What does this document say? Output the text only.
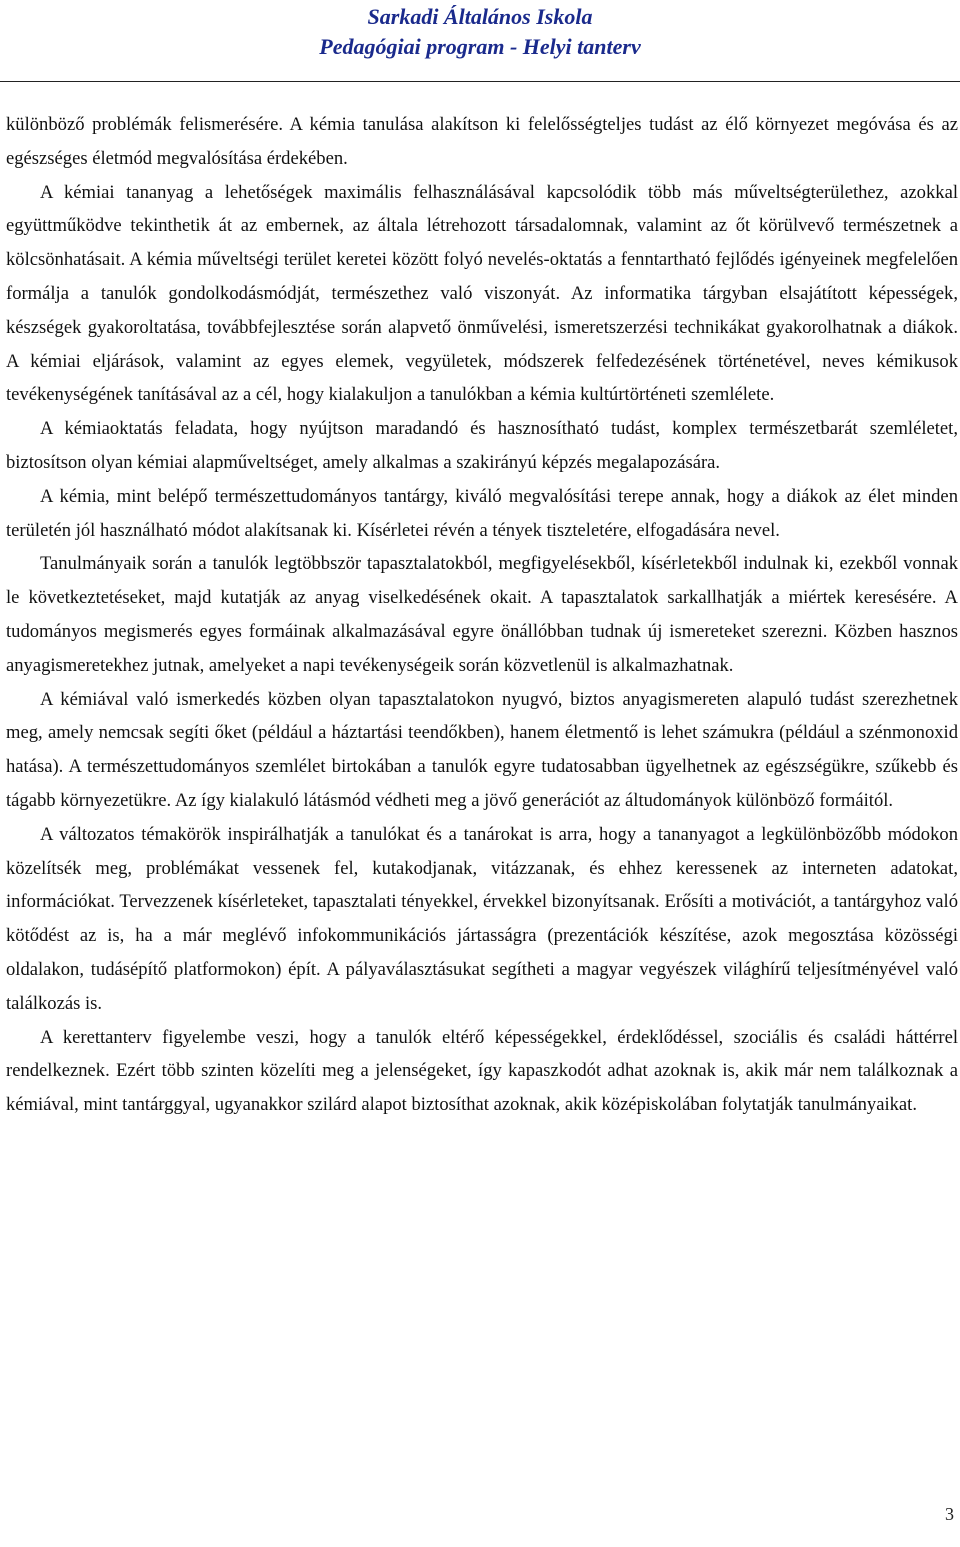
Sarkadi Általános Iskola
Pedagógiai program - Helyi tanterv

különböző problémák felismerésére. A kémia tanulása alakítson ki felelősségteljes tudást az élő környezet megóvása és az egészséges életmód megvalósítása érdekében.

A kémiai tananyag a lehetőségek maximális felhasználásával kapcsolódik több más műveltségterülethez, azokkal együttműködve tekinthetik át az embernek, az általa létrehozott társadalomnak, valamint az őt körülvevő természetnek a kölcsönhatásait. A kémia műveltségi terület keretei között folyó nevelés-oktatás a fenntartható fejlődés igényeinek megfelelően formálja a tanulók gondolkodásmódját, természethez való viszonyát. Az informatika tárgyban elsajátított képességek, készségek gyakoroltatása, továbbfejlesztése során alapvető önművelési, ismeretszerzési technikákat gyakorolhatnak a diákok. A kémiai eljárások, valamint az egyes elemek, vegyületek, módszerek felfedezésének történetével, neves kémikusok tevékenységének tanításával az a cél, hogy kialakuljon a tanulókban a kémia kultúrtörténeti szemlélete.

A kémiaoktatás feladata, hogy nyújtson maradandó és hasznosítható tudást, komplex természetbarát szemléletet, biztosítson olyan kémiai alapműveltséget, amely alkalmas a szakirányú képzés megalapozására.

A kémia, mint belépő természettudományos tantárgy, kiváló megvalósítási terepe annak, hogy a diákok az élet minden területén jól használható módot alakítsanak ki. Kísérletei révén a tények tiszteletére, elfogadására nevel.

Tanulmányaik során a tanulók legtöbbször tapasztalatokból, megfigyelésekből, kísérletekből indulnak ki, ezekből vonnak le következtetéseket, majd kutatják az anyag viselkedésének okait. A tapasztalatok sarkallhatják a miértek keresésére. A tudományos megismerés egyes formáinak alkalmazásával egyre önállóbban tudnak új ismereteket szerezni. Közben hasznos anyagismeretekhez jutnak, amelyeket a napi tevékenységeik során közvetlenül is alkalmazhatnak.

A kémiával való ismerkedés közben olyan tapasztalatokon nyugvó, biztos anyagismereten alapuló tudást szerezhetnek meg, amely nemcsak segíti őket (például a háztartási teendőkben), hanem életmentő is lehet számukra (például a szénmonoxid hatása). A természettudományos szemlélet birtokában a tanulók egyre tudatosabban ügyelhetnek az egészségükre, szűkebb és tágabb környezetükre. Az így kialakuló látásmód védheti meg a jövő generációt az áltudományok különböző formáitól.

A változatos témakörök inspirálhatják a tanulókat és a tanárokat is arra, hogy a tananyagot a legkülönbözőbb módokon közelítsék meg, problémákat vessenek fel, kutakodjanak, vitázzanak, és ehhez keressenek az interneten adatokat, információkat. Tervezzenek kísérleteket, tapasztalati tényekkel, érvekkel bizonyítsanak. Erősíti a motivációt, a tantárgyhoz való kötődést az is, ha a már meglévő infokommunikációs jártasságra (prezentációk készítése, azok megosztása közösségi oldalakon, tudásépítő platformokon) épít. A pályaválasztásukat segítheti a magyar vegyészek világhírű teljesítményével való találkozás is.

A kerettanterv figyelembe veszi, hogy a tanulók eltérő képességekkel, érdeklődéssel, szociális és családi háttérrel rendelkeznek. Ezért több szinten közelíti meg a jelenségeket, így kapaszkodót adhat azoknak is, akik már nem találkoznak a kémiával, mint tantárggyal, ugyanakkor szilárd alapot biztosíthat azoknak, akik középiskolában folytatják tanulmányaikat.

3
